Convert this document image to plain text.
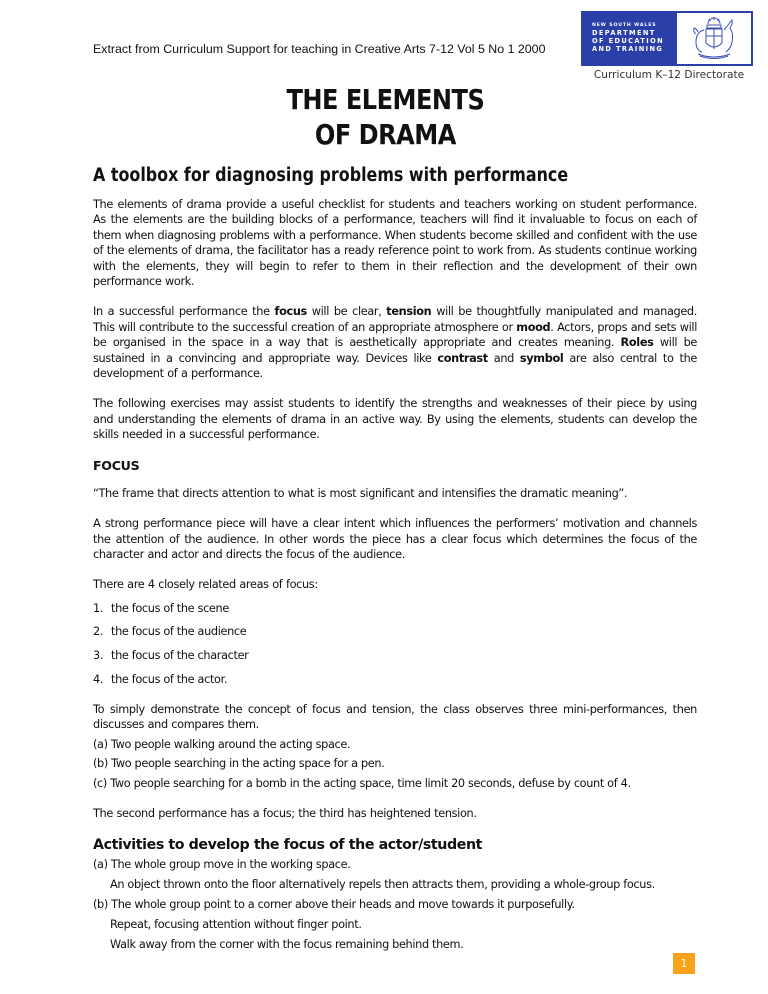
Extract from Curriculum Support for teaching in Creative Arts 7-12 Vol 5 No 1 2000
NEW SOUTH WALES
DEPARTMENT
OF EDUCATION
AND TRAINING
Curriculum K–12 Directorate
THE ELEMENTS
OF DRAMA
A toolbox for diagnosing problems with performance

The elements of drama provide a useful checklist for students and teachers working on student performance. As the elements are the building blocks of a performance, teachers will find it invaluable to focus on each of them when diagnosing problems with a performance. When students become skilled and confident with the use of the elements of drama, the facilitator has a ready reference point to work from. As students continue working with the elements, they will begin to refer to them in their reflection and the development of their own performance work.

In a successful performance the focus will be clear, tension will be thoughtfully manipulated and managed. This will contribute to the successful creation of an appropriate atmosphere or mood. Actors, props and sets will be organised in the space in a way that is aesthetically appropriate and creates meaning. Roles will be sustained in a convincing and appropriate way. Devices like contrast and symbol are also central to the development of a performance.

The following exercises may assist students to identify the strengths and weaknesses of their piece by using and understanding the elements of drama in an active way. By using the elements, students can develop the skills needed in a successful performance.

FOCUS

“The frame that directs attention to what is most significant and intensifies the dramatic meaning”.

A strong performance piece will have a clear intent which influences the performers’ motivation and channels the attention of the audience. In other words the piece has a clear focus which determines the focus of the character and actor and directs the focus of the audience.

There are 4 closely related areas of focus:

1. the focus of the scene
2. the focus of the audience
3. the focus of the character
4. the focus of the actor.

To simply demonstrate the concept of focus and tension, the class observes three mini-performances, then discusses and compares them.

(a) Two people walking around the acting space.
(b) Two people searching in the acting space for a pen.
(c) Two people searching for a bomb in the acting space, time limit 20 seconds, defuse by count of 4.

The second performance has a focus; the third has heightened tension.

Activities to develop the focus of the actor/student
(a) The whole group move in the working space.
An object thrown onto the floor alternatively repels then attracts them, providing a whole-group focus.
(b) The whole group point to a corner above their heads and move towards it purposefully.
Repeat, focusing attention without finger point.
Walk away from the corner with the focus remaining behind them.
1
